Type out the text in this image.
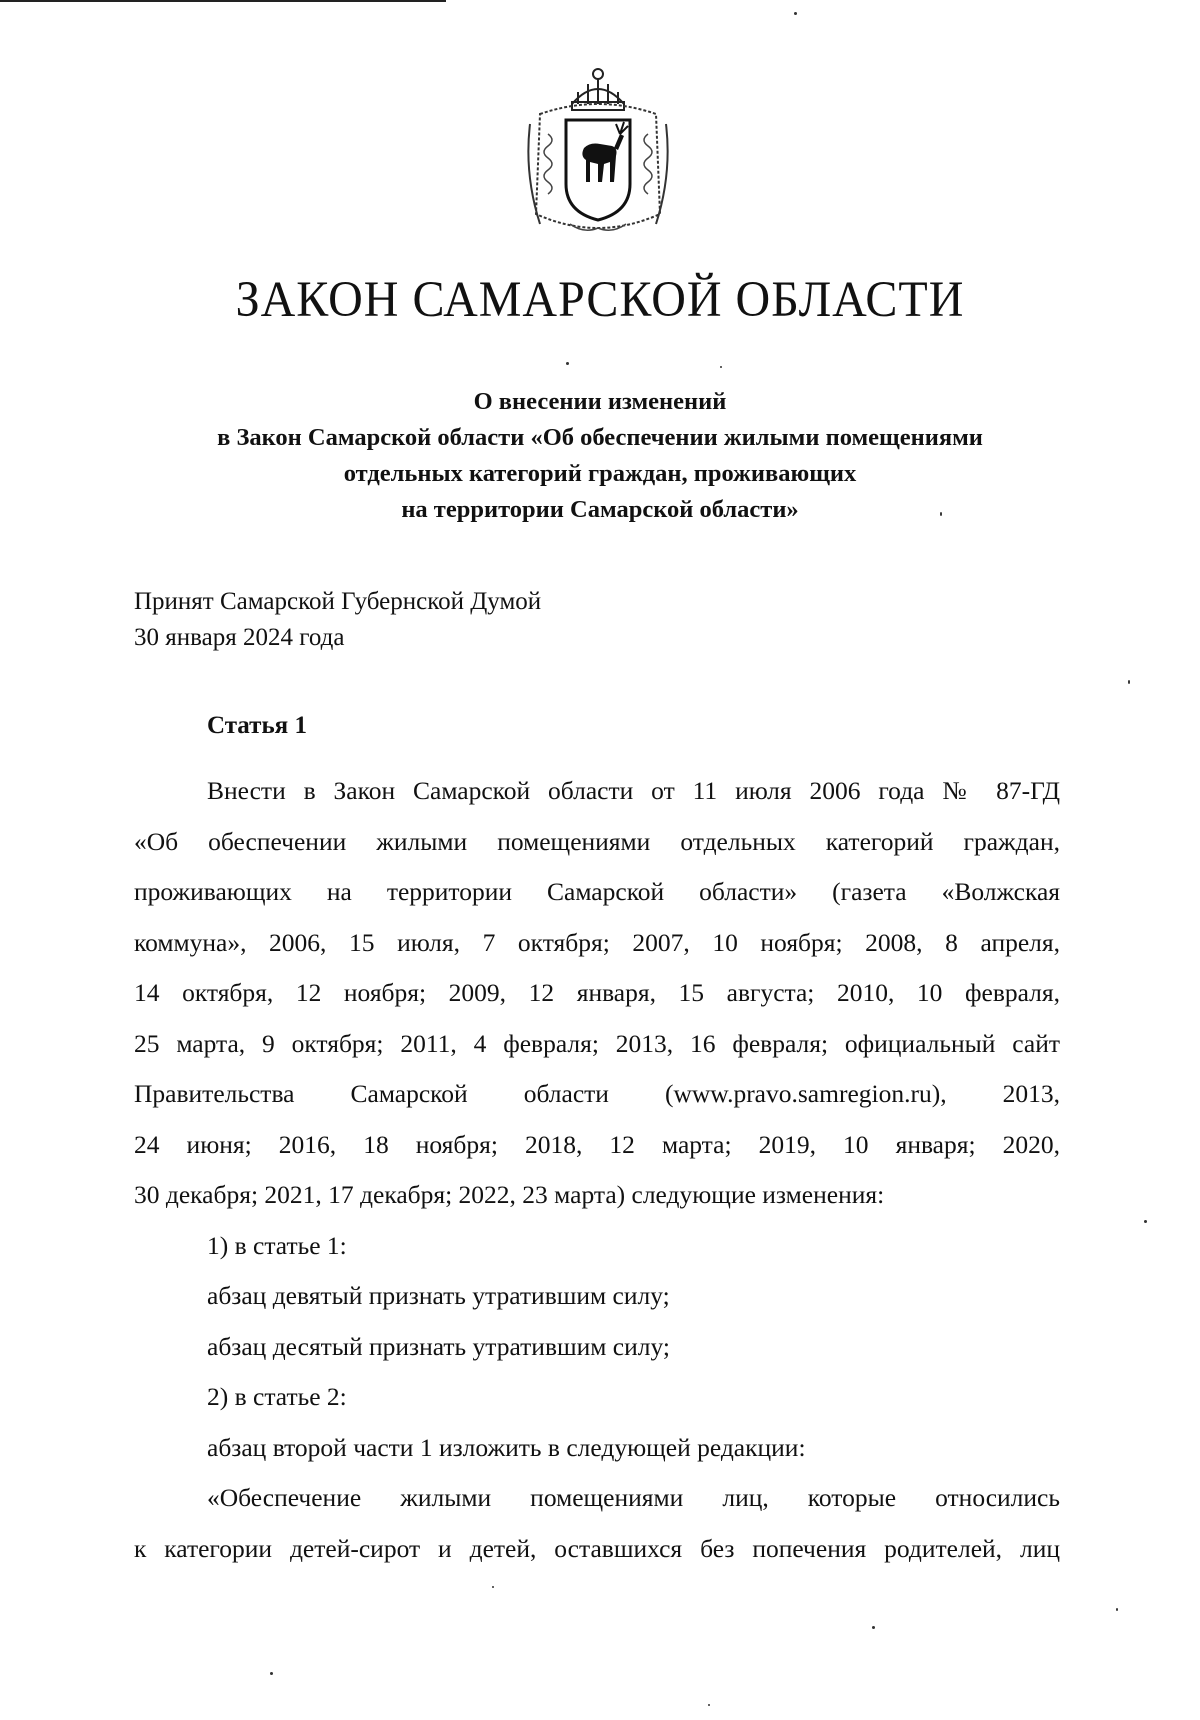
ЗАКОН САМАРСКОЙ ОБЛАСТИ
О внесении изменений
в Закон Самарской области «Об обеспечении жилыми помещениями
отдельных категорий граждан, проживающих
на территории Самарской области»
Принят Самарской Губернской Думой
30 января 2024 года
Статья 1
Внести в Закон Самарской области от 11 июля 2006 года № 87-ГД
«Об обеспечении жилыми помещениями отдельных категорий граждан,
проживающих на территории Самарской области» (газета «Волжская
коммуна», 2006, 15 июля, 7 октября; 2007, 10 ноября; 2008, 8 апреля,
14 октября, 12 ноября; 2009, 12 января, 15 августа; 2010, 10 февраля,
25 марта, 9 октября; 2011, 4 февраля; 2013, 16 февраля; официальный сайт
Правительства Самарской области (www.pravo.samregion.ru), 2013,
24 июня; 2016, 18 ноября; 2018, 12 марта; 2019, 10 января; 2020,
30 декабря; 2021, 17 декабря; 2022, 23 марта) следующие изменения:
1) в статье 1:
абзац девятый признать утратившим силу;
абзац десятый признать утратившим силу;
2) в статье 2:
абзац второй части 1 изложить в следующей редакции:
«Обеспечение жилыми помещениями лиц, которые относились
к категории детей-сирот и детей, оставшихся без попечения родителей, лиц
